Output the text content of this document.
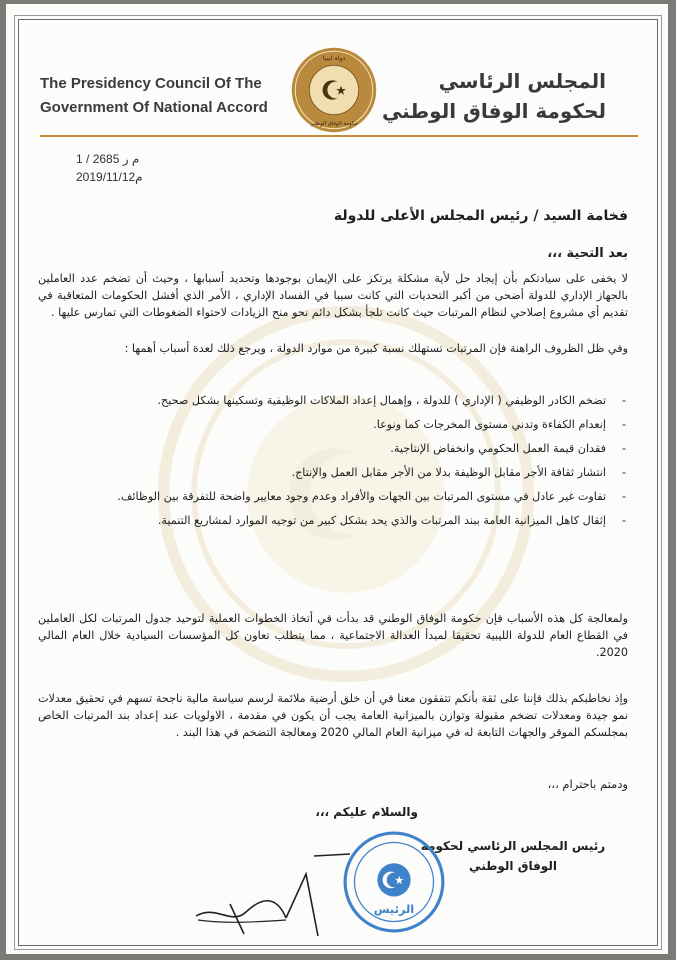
The Presidency Council Of The
Government Of National Accord
دولة ليبيا
حكومة الوفاق الوطني
المجلس الرئاسي
لحكومة الوفاق الوطني
م ر 2685 / 1
2019/11/12م
فخامة السيد / رئيس المجلس الأعلى للدولة
بعد التحية ،،،
لا يخفى على سيادتكم بأن إيجاد حل لأية مشكلة يرتكز على الإيمان بوجودها وتحديد أسبابها ، وحيث أن تضخم عدد العاملين بالجهاز الإداري للدولة أضحى من أكبر التحديات التي كانت سببا في الفساد الإداري ، الأمر الذي أفشل الحكومات المتعاقبة في تقديم أي مشروع إصلاحي لنظام المرتبات حيث كانت تلجأ بشكل دائم نحو منح الزيادات لاحتواء الضغوطات التي تمارس عليها .
وفي ظل الظروف الراهنة فإن المرتبات تستهلك نسبة كبيرة من موارد الدولة ، ويرجع ذلك لعدة أسباب أهمها :
- تضخم الكادر الوظيفي ( الإداري ) للدولة ، وإهمال إعداد الملاكات الوظيفية وتسكينها بشكل صحيح.
- إنعدام الكفاءة وتدني مستوى المخرجات كما ونوعا.
- فقدان قيمة العمل الحكومي وانخفاض الإنتاجية.
- انتشار ثقافة الأجر مقابل الوظيفة بدلا من الأجر مقابل العمل والإنتاج.
- تفاوت غير عادل في مستوى المرتبات بين الجهات والأفراد وعدم وجود معايير واضحة للتفرقة بين الوظائف.
- إثقال كاهل الميزانية العامة ببند المرتبات والذي يحد بشكل كبير من توجيه الموارد لمشاريع التنمية.
ولمعالجة كل هذه الأسباب فإن حكومة الوفاق الوطني قد بدأت في أتخاذ الخطوات العملية لتوحيد جدول المرتبات لكل العاملين في القطاع العام للدولة الليبية تحقيقا لمبدأ العدالة الاجتماعية ، مما يتطلب تعاون كل المؤسسات السيادية خلال العام المالي 2020.
وإذ نخاطبكم بذلك فإننا على ثقة بأنكم تتفقون معنا في أن خلق أرضية ملائمة لرسم سياسة مالية ناجحة تسهم في تحقيق معدلات نمو جيدة ومعدلات تضخم مقبولة وتوازن بالميزانية العامة يجب أن يكون في مقدمة ، الاولويات عند إعداد بند المرتبات الخاص بمجلسكم الموقر والجهات التابعة له في ميزانية العام المالي 2020 ومعالجة التضخم في هذا البند .
ودمتم باحترام ،،،
والسلام عليكم ،،،
رئيس المجلس الرئاسي لحكومة
الوفاق الوطني
الرئيس
